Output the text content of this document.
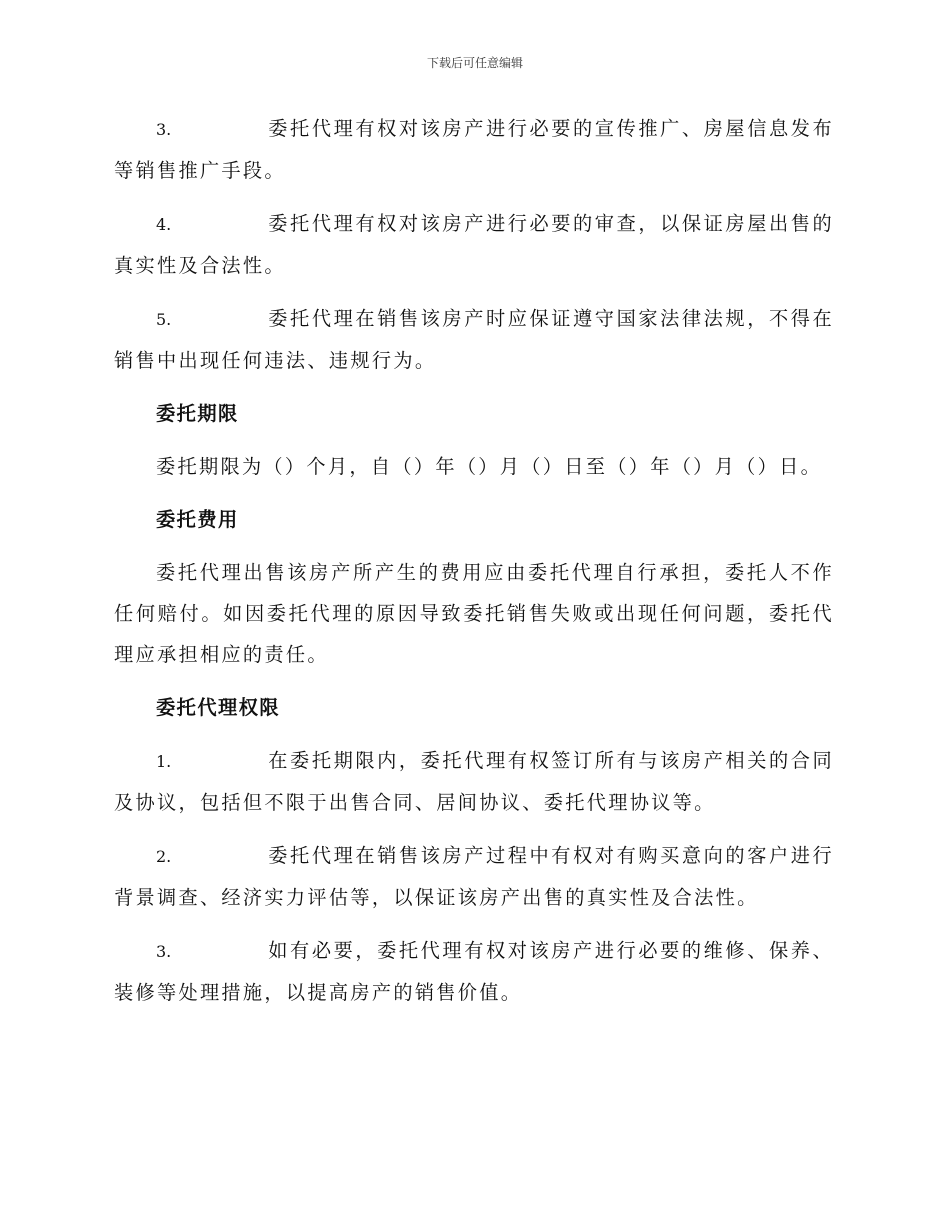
下载后可任意编辑

3.	委托代理有权对该房产进行必要的宣传推广、房屋信息发布等销售推广手段。

4.	委托代理有权对该房产进行必要的审查，以保证房屋出售的真实性及合法性。

5.	委托代理在销售该房产时应保证遵守国家法律法规，不得在销售中出现任何违法、违规行为。

委托期限

委托期限为（）个月，自（）年（）月（）日至（）年（）月（）日。

委托费用

委托代理出售该房产所产生的费用应由委托代理自行承担，委托人不作任何赔付。如因委托代理的原因导致委托销售失败或出现任何问题，委托代理应承担相应的责任。

委托代理权限

1.	在委托期限内，委托代理有权签订所有与该房产相关的合同及协议，包括但不限于出售合同、居间协议、委托代理协议等。

2.	委托代理在销售该房产过程中有权对有购买意向的客户进行背景调查、经济实力评估等，以保证该房产出售的真实性及合法性。

3.	如有必要，委托代理有权对该房产进行必要的维修、保养、装修等处理措施，以提高房产的销售价值。
